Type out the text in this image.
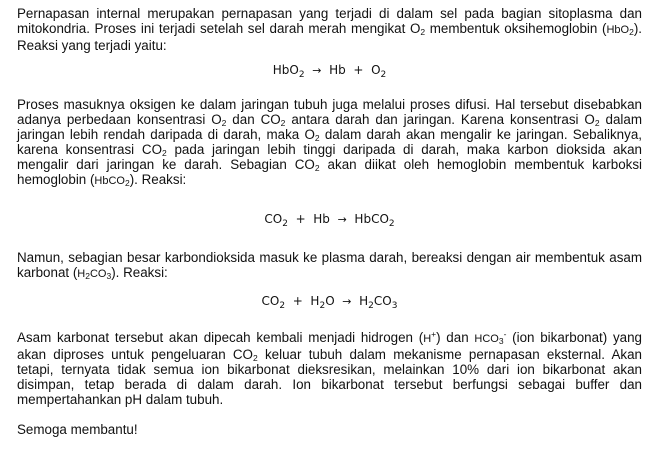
Pernapasan internal merupakan pernapasan yang terjadi di dalam sel pada bagian sitoplasma dan mitokondria. Proses ini terjadi setelah sel darah merah mengikat $O_2$ membentuk oksihemoglobin (HbO$_2$). Reaksi yang terjadi yaitu:

$HbO_2 \to Hb + O_2$

Proses masuknya oksigen ke dalam jaringan tubuh juga melalui proses difusi. Hal tersebut disebabkan adanya perbedaan konsentrasi $O_2$ dan $CO_2$ antara darah dan jaringan. Karena konsentrasi $O_2$ dalam jaringan lebih rendah daripada di darah, maka $O_2$ dalam darah akan mengalir ke jaringan. Sebaliknya, karena konsentrasi $CO_2$ pada jaringan lebih tinggi daripada di darah, maka karbon dioksida akan mengalir dari jaringan ke darah. Sebagian $CO_2$ akan diikat oleh hemoglobin membentuk karboksi hemoglobin (HbCO$_2$). Reaksi:

$CO_2 + Hb$ → HbCO$_2$

Namun, sebagian besar karbondioksida masuk ke plasma darah, bereaksi dengan air membentuk asam karbonat $(H_2CO_3)$. Reaksi:

$CO_2 + H_2O \to H_2CO_3$

Asam karbonat tersebut akan dipecah kembali menjadi hidrogen (H+) dan $HCO_3^-$ (ion bikarbonat) yang akan diproses untuk pengeluaran $CO_2$ keluar tubuh dalam mekanisme pernapasan eksternal. Akan tetapi, ternyata tidak semua ion bikarbonat dieksresikan, melainkan 10% dari ion bikarbonat akan disimpan, tetap berada di dalam darah. Ion bikarbonat tersebut berfungsi sebagai buffer dan mempertahankan pH dalam tubuh.

Semoga membantu!
